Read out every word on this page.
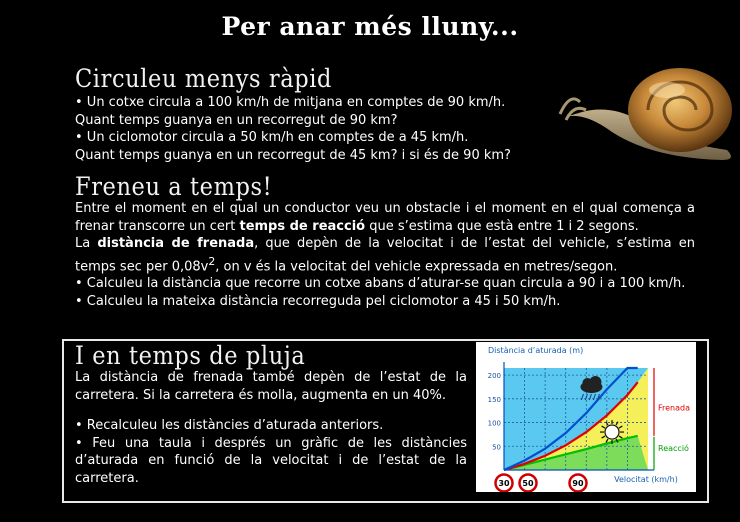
Per anar més lluny...
Circuleu menys ràpid

• Un cotxe circula a 100 km/h de mitjana en comptes de 90 km/h.

Quant temps guanya en un recorregut de 90 km?

• Un ciclomotor circula a 50 km/h en comptes de a 45 km/h.

Quant temps guanya en un recorregut de 45 km? i si és de 90 km?

Freneu a temps!

Entre el moment en el qual un conductor veu un obstacle i el moment en el qual comença a frenar transcorre un cert temps de reacció que s’estima que està entre 1 i 2 segons.

La distància de frenada, que depèn de la velocitat i de l’estat del vehicle, s’estima en temps sec per $0,08v^2$, on v és la velocitat del vehicle expressada en metres/segon.

• Calculeu la distància que recorre un cotxe abans d’aturar-se quan circula a 90 i a 100 km/h.

• Calculeu la mateixa distància recorreguda pel ciclomotor a 45 i 50 km/h.

I en temps de pluja

La distància de frenada també depèn de l’estat de la carretera. Si la carretera és molla, augmenta en un 40%.

• Recalculeu les distàncies d’aturada anteriors.

• Feu una taula i després un gràfic de les distàncies d’aturada en funció de la velocitat i de l’estat de la carretera.

50
100
150
200
Distància d’aturada (m)
Velocitat (km/h)
Frenada
Reacció
30 50	90
